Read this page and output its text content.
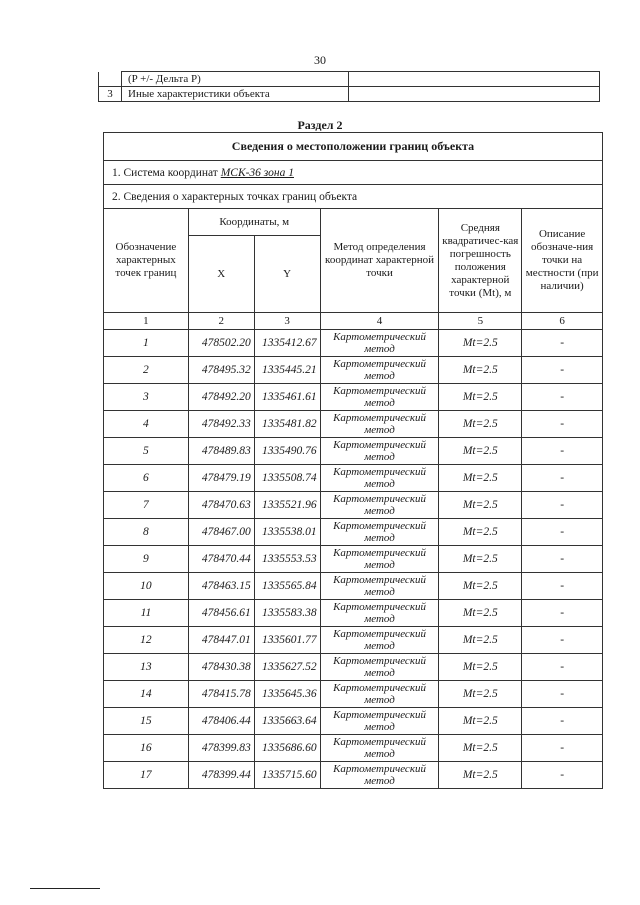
30
	(P +/- Дельта P)	
3	Иные характеристики объекта	
Раздел 2
Сведения о местоположении границ объекта					
1. Система координат МСК-36 зона 1					
2. Сведения о характерных точках границ объекта					
Обозначение характерных точек границ	Координаты, м		Метод определения координат характерной точки	Средняя квадратичес-кая погрешность положения характерной точки (Mt), м	Описание обозначе-ния точки на местности (при наличии)
	X	Y			
1	2	3	4	5	6
1	478502.20	1335412.67	Картометрический метод	Mt=2.5	-
2	478495.32	1335445.21	Картометрический метод	Mt=2.5	-
3	478492.20	1335461.61	Картометрический метод	Mt=2.5	-
4	478492.33	1335481.82	Картометрический метод	Mt=2.5	-
5	478489.83	1335490.76	Картометрический метод	Mt=2.5	-
6	478479.19	1335508.74	Картометрический метод	Mt=2.5	-
7	478470.63	1335521.96	Картометрический метод	Mt=2.5	-
8	478467.00	1335538.01	Картометрический метод	Mt=2.5	-
9	478470.44	1335553.53	Картометрический метод	Mt=2.5	-
10	478463.15	1335565.84	Картометрический метод	Mt=2.5	-
11	478456.61	1335583.38	Картометрический метод	Mt=2.5	-
12	478447.01	1335601.77	Картометрический метод	Mt=2.5	-
13	478430.38	1335627.52	Картометрический метод	Mt=2.5	-
14	478415.78	1335645.36	Картометрический метод	Mt=2.5	-
15	478406.44	1335663.64	Картометрический метод	Mt=2.5	-
16	478399.83	1335686.60	Картометрический метод	Mt=2.5	-
17	478399.44	1335715.60	Картометрический метод	Mt=2.5	-
